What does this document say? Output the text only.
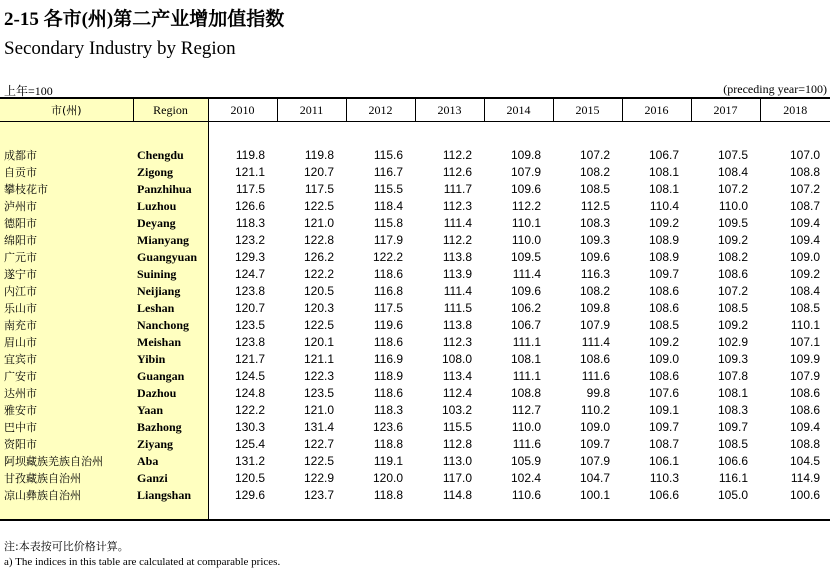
2-15 各市(州)第二产业增加值指数
Secondary Industry by Region
上年=100	(preceding year=100)
市(州)	Region	2010	2011	2012	2013	2014	2015	2016	2017	2018

成都市	Chengdu	119.8	119.8	115.6	112.2	109.8	107.2	106.7	107.5	107.0
自贡市	Zigong	121.1	120.7	116.7	112.6	107.9	108.2	108.1	108.4	108.8
攀枝花市	Panzhihua	117.5	117.5	115.5	111.7	109.6	108.5	108.1	107.2	107.2
泸州市	Luzhou	126.6	122.5	118.4	112.3	112.2	112.5	110.4	110.0	108.7
德阳市	Deyang	118.3	121.0	115.8	111.4	110.1	108.3	109.2	109.5	109.4
绵阳市	Mianyang	123.2	122.8	117.9	112.2	110.0	109.3	108.9	109.2	109.4
广元市	Guangyuan	129.3	126.2	122.2	113.8	109.5	109.6	108.9	108.2	109.0
遂宁市	Suining	124.7	122.2	118.6	113.9	111.4	116.3	109.7	108.6	109.2
内江市	Neijiang	123.8	120.5	116.8	111.4	109.6	108.2	108.6	107.2	108.4
乐山市	Leshan	120.7	120.3	117.5	111.5	106.2	109.8	108.6	108.5	108.5
南充市	Nanchong	123.5	122.5	119.6	113.8	106.7	107.9	108.5	109.2	110.1
眉山市	Meishan	123.8	120.1	118.6	112.3	111.1	111.4	109.2	102.9	107.1
宜宾市	Yibin	121.7	121.1	116.9	108.0	108.1	108.6	109.0	109.3	109.9
广安市	Guangan	124.5	122.3	118.9	113.4	111.1	111.6	108.6	107.8	107.9
达州市	Dazhou	124.8	123.5	118.6	112.4	108.8	99.8	107.6	108.1	108.6
雅安市	Yaan	122.2	121.0	118.3	103.2	112.7	110.2	109.1	108.3	108.6
巴中市	Bazhong	130.3	131.4	123.6	115.5	110.0	109.0	109.7	109.7	109.4
资阳市	Ziyang	125.4	122.7	118.8	112.8	111.6	109.7	108.7	108.5	108.8
阿坝藏族羌族自治州	Aba	131.2	122.5	119.1	113.0	105.9	107.9	106.1	106.6	104.5
甘孜藏族自治州	Ganzi	120.5	122.9	120.0	117.0	102.4	104.7	110.3	116.1	114.9
凉山彝族自治州	Liangshan	129.6	123.7	118.8	114.8	110.6	100.1	106.6	105.0	100.6

注:本表按可比价格计算。
a) The indices in this table are calculated at comparable prices.
